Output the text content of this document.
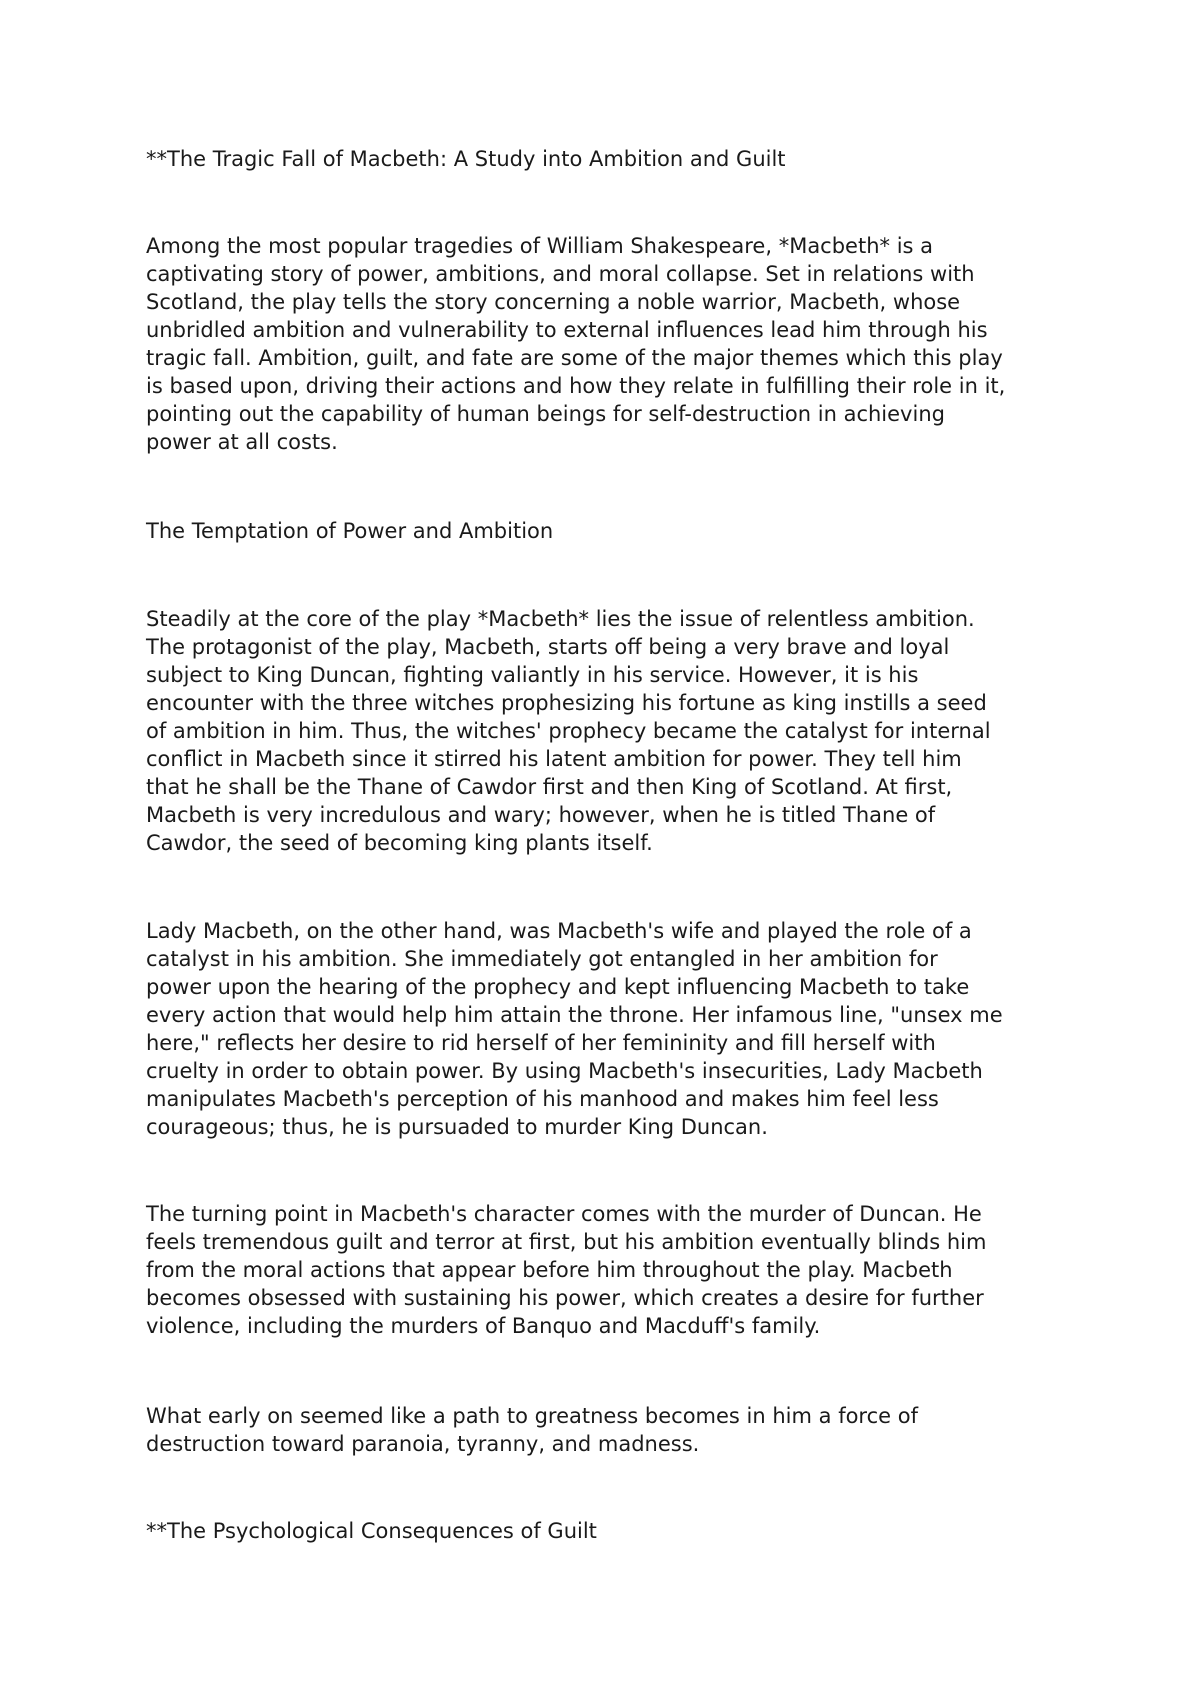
**The Tragic Fall of Macbeth: A Study into Ambition and Guilt

Among the most popular tragedies of William Shakespeare, *Macbeth* is a
captivating story of power, ambitions, and moral collapse. Set in relations with
Scotland, the play tells the story concerning a noble warrior, Macbeth, whose
unbridled ambition and vulnerability to external influences lead him through his
tragic fall. Ambition, guilt, and fate are some of the major themes which this play
is based upon, driving their actions and how they relate in fulfilling their role in it,
pointing out the capability of human beings for self-destruction in achieving
power at all costs.

The Temptation of Power and Ambition

Steadily at the core of the play *Macbeth* lies the issue of relentless ambition.
The protagonist of the play, Macbeth, starts off being a very brave and loyal
subject to King Duncan, fighting valiantly in his service. However, it is his
encounter with the three witches prophesizing his fortune as king instills a seed
of ambition in him. Thus, the witches' prophecy became the catalyst for internal
conflict in Macbeth since it stirred his latent ambition for power. They tell him
that he shall be the Thane of Cawdor first and then King of Scotland. At first,
Macbeth is very incredulous and wary; however, when he is titled Thane of
Cawdor, the seed of becoming king plants itself.

Lady Macbeth, on the other hand, was Macbeth's wife and played the role of a
catalyst in his ambition. She immediately got entangled in her ambition for
power upon the hearing of the prophecy and kept influencing Macbeth to take
every action that would help him attain the throne. Her infamous line, "unsex me
here," reflects her desire to rid herself of her femininity and fill herself with
cruelty in order to obtain power. By using Macbeth's insecurities, Lady Macbeth
manipulates Macbeth's perception of his manhood and makes him feel less
courageous; thus, he is pursuaded to murder King Duncan.

The turning point in Macbeth's character comes with the murder of Duncan. He
feels tremendous guilt and terror at first, but his ambition eventually blinds him
from the moral actions that appear before him throughout the play. Macbeth
becomes obsessed with sustaining his power, which creates a desire for further
violence, including the murders of Banquo and Macduff's family.

What early on seemed like a path to greatness becomes in him a force of
destruction toward paranoia, tyranny, and madness.

**The Psychological Consequences of Guilt
